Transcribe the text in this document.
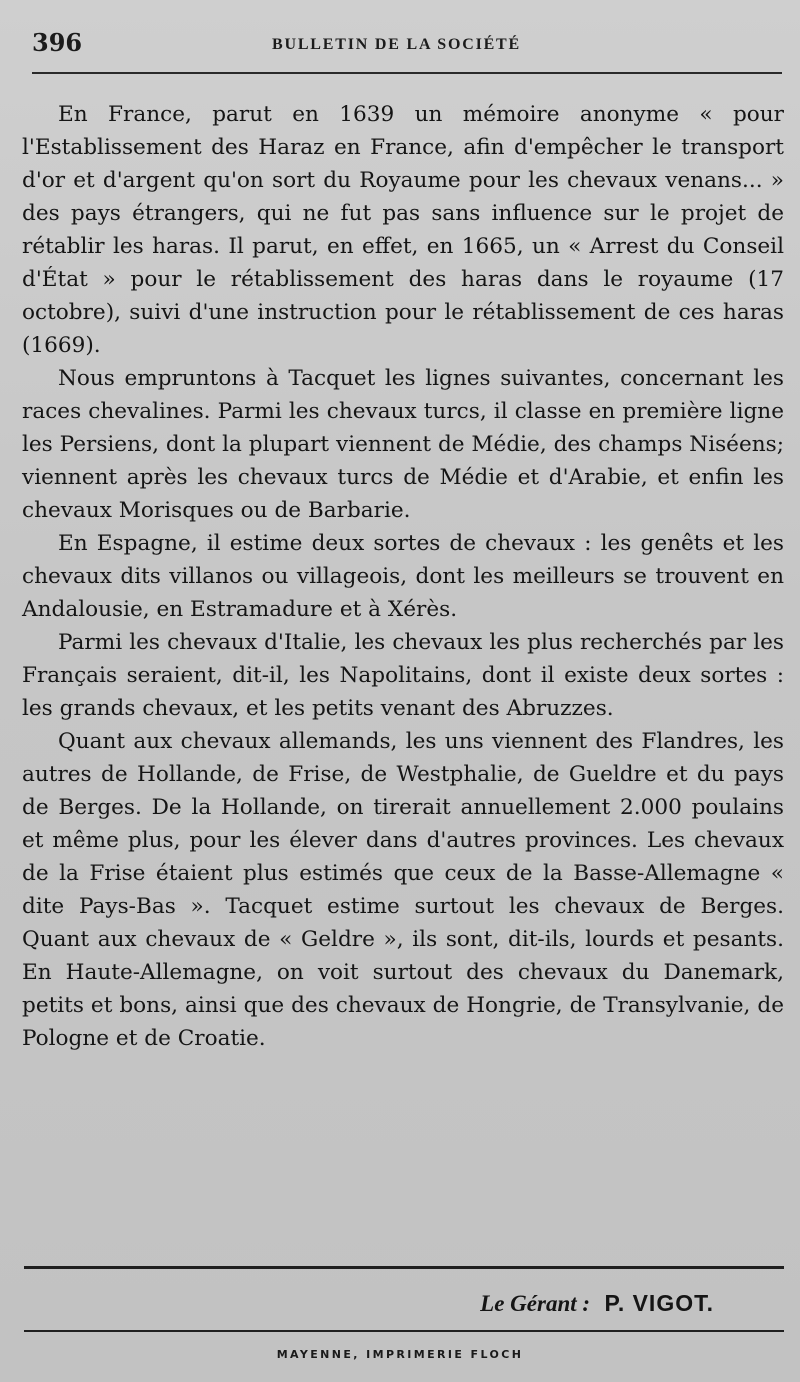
396	BULLETIN DE LA SOCIÉTÉ

En France, parut en 1639 un mémoire anonyme « pour l'Establissement des Haraz en France, afin d'empêcher le transport d'or et d'argent qu'on sort du Royaume pour les chevaux venans... » des pays étrangers, qui ne fut pas sans influence sur le projet de rétablir les haras. Il parut, en effet, en 1665, un « Arrest du Conseil d'État » pour le rétablissement des haras dans le royaume (17 octobre), suivi d'une instruction pour le rétablissement de ces haras (1669).

Nous empruntons à Tacquet les lignes suivantes, concernant les races chevalines. Parmi les chevaux turcs, il classe en première ligne les Persiens, dont la plupart viennent de Médie, des champs Niséens; viennent après les chevaux turcs de Médie et d'Arabie, et enfin les chevaux Morisques ou de Barbarie.

En Espagne, il estime deux sortes de chevaux : les genêts et les chevaux dits villanos ou villageois, dont les meilleurs se trouvent en Andalousie, en Estramadure et à Xérès.

Parmi les chevaux d'Italie, les chevaux les plus recherchés par les Français seraient, dit-il, les Napolitains, dont il existe deux sortes : les grands chevaux, et les petits venant des Abruzzes.

Quant aux chevaux allemands, les uns viennent des Flandres, les autres de Hollande, de Frise, de Westphalie, de Gueldre et du pays de Berges. De la Hollande, on tirerait annuellement 2.000 poulains et même plus, pour les élever dans d'autres provinces. Les chevaux de la Frise étaient plus estimés que ceux de la Basse-Allemagne « dite Pays-Bas ». Tacquet estime surtout les chevaux de Berges. Quant aux chevaux de « Geldre », ils sont, dit-ils, lourds et pesants. En Haute-Allemagne, on voit surtout des chevaux du Danemark, petits et bons, ainsi que des chevaux de Hongrie, de Transylvanie, de Pologne et de Croatie.

Le Gérant : P. VIGOT.
MAYENNE, IMPRIMERIE FLOCH
